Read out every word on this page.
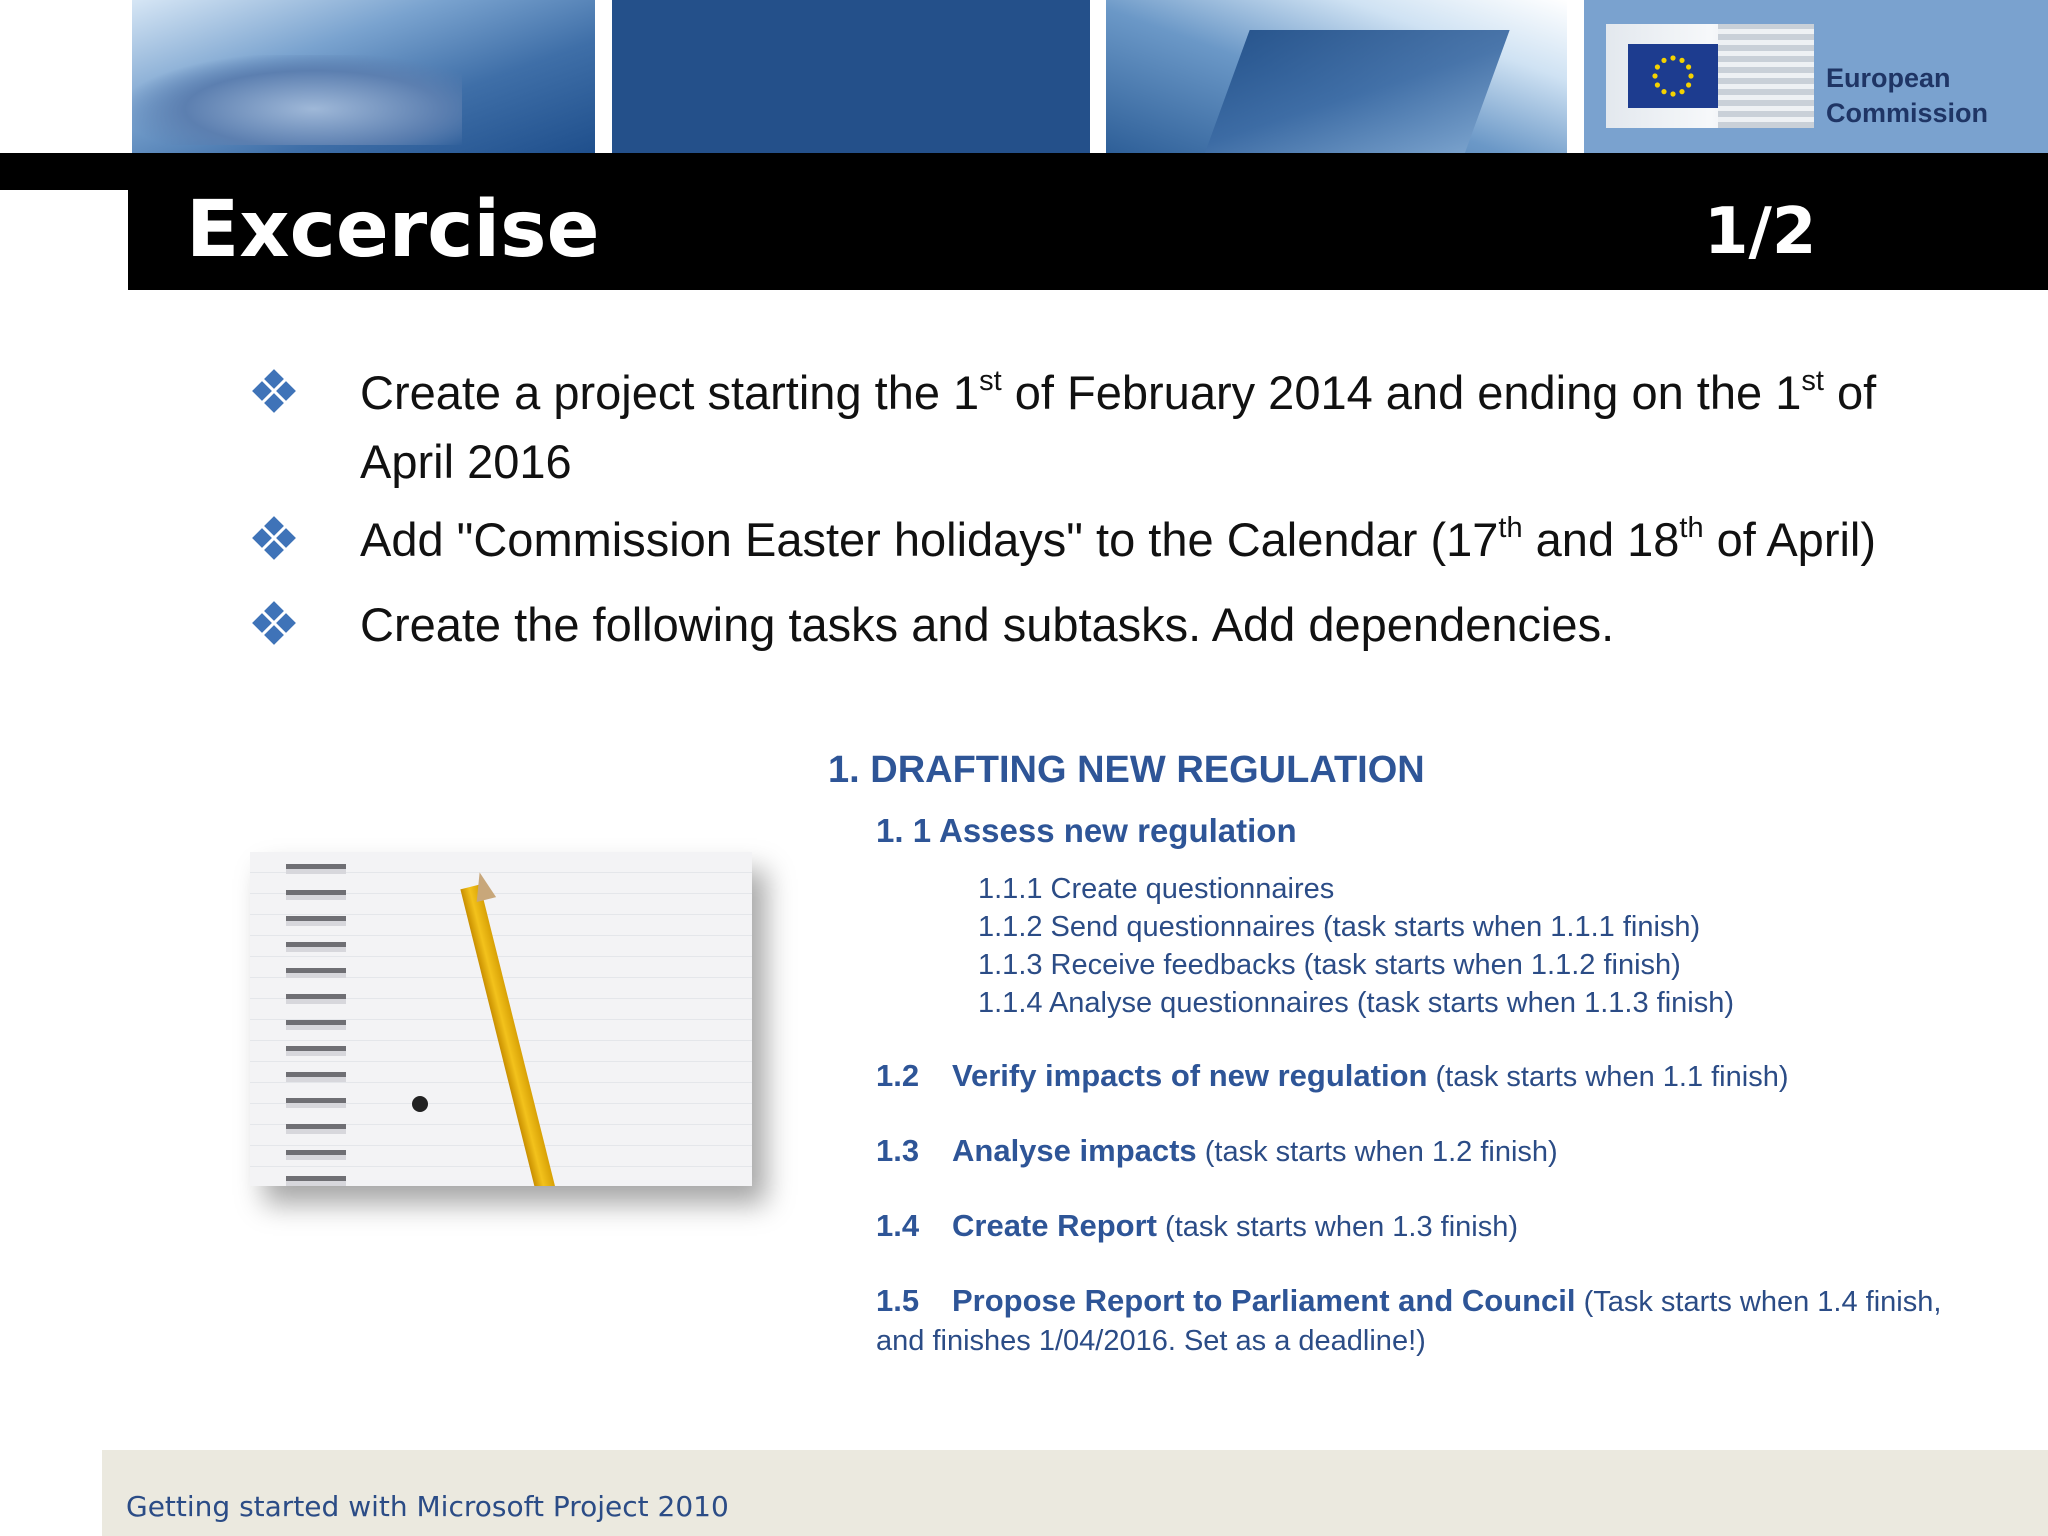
European
Commission
Excercise	1/2
Create a project starting the 1st of February 2014 and ending on the 1st of April 2016
Add "Commission Easter holidays" to the Calendar (17th and 18th of April)
Create the following tasks and subtasks. Add dependencies.
1. DRAFTING NEW REGULATION
1. 1 Assess new regulation
1.1.1 Create questionnaires
1.1.2 Send questionnaires (task starts when 1.1.1 finish)
1.1.3 Receive feedbacks (task starts when 1.1.2 finish)
1.1.4 Analyse questionnaires (task starts when 1.1.3 finish)
1.2 Verify impacts of new regulation (task starts when 1.1 finish)
1.3 Analyse impacts (task starts when 1.2 finish)
1.4 Create Report (task starts when 1.3 finish)
1.5 Propose Report to Parliament and Council (Task starts when 1.4 finish, and finishes 1/04/2016. Set as a deadline!)
Getting started with Microsoft Project 2010
